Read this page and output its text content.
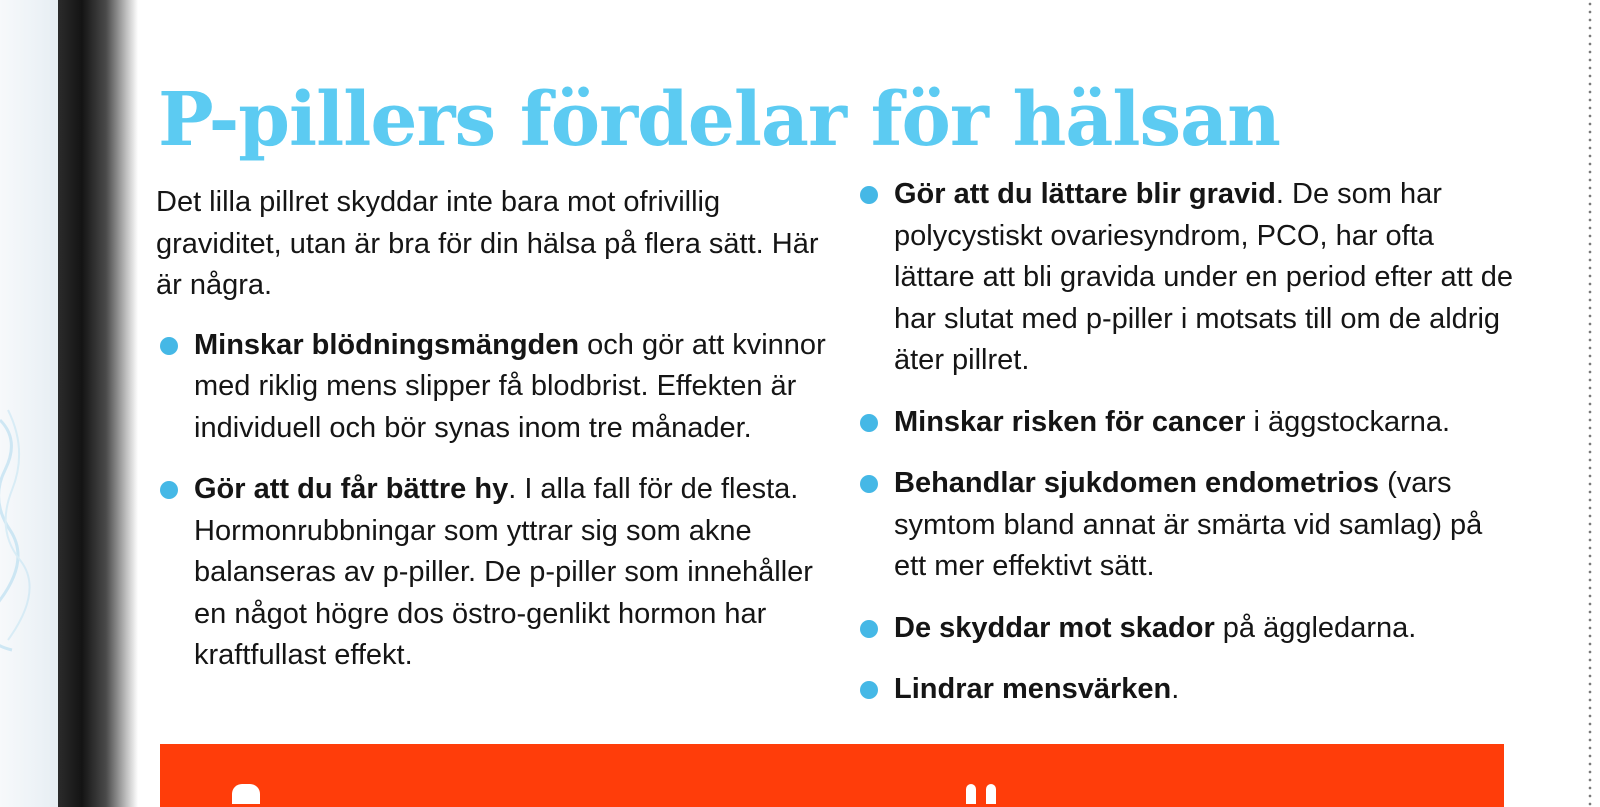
P-pillers fördelar för hälsan

Det lilla pillret skyddar inte bara mot ofrivillig graviditet, utan är bra för din hälsa på flera sätt. Här är några.

Minskar blödningsmängden och gör att kvinnor med riklig mens slipper få blodbrist. Effekten är individuell och bör synas inom tre månader.
Gör att du får bättre hy. I alla fall för de flesta. Hormonrubbningar som yttrar sig som akne balanseras av p-piller. De p-piller som innehåller en något högre dos östro-genlikt hormon har kraftfullast effekt.
Gör att du lättare blir gravid. De som har polycystiskt ovariesyndrom, PCO, har ofta lättare att bli gravida under en period efter att de har slutat med p-piller i motsats till om de aldrig äter pillret.
Minskar risken för cancer i äggstockarna.
Behandlar sjukdomen endometrios (vars symtom bland annat är smärta vid samlag) på ett mer effektivt sätt.
De skyddar mot skador på äggledarna.
Lindrar mensvärken.
